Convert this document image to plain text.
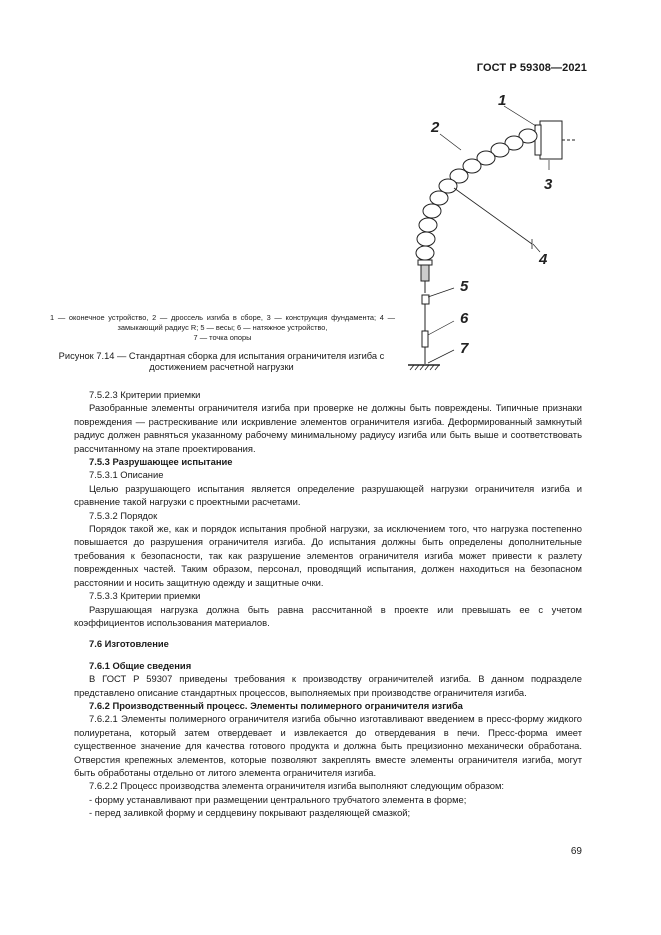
ГОСТ Р 59308—2021
1
2
3
4
5
6
7
1 — оконечное устройство, 2 — дроссель изгиба в сборе, 3 — конструкция фундамента; 4 — замыкающий радиус R; 5 — весы; 6 — натяжное устройство,
7 — точка опоры
Рисунок 7.14 — Стандартная сборка для испытания ограничителя изгиба с достижением расчетной нагрузки

7.5.2.3 Критерии приемки

Разобранные элементы ограничителя изгиба при проверке не должны быть повреждены. Типичные признаки повреждения — растрескивание или искривление элементов ограничителя изгиба. Деформированный замкнутый радиус должен равняться указанному рабочему минимальному радиусу изгиба или быть выше и соответствовать рассчитанному на этапе проектирования.

7.5.3 Разрушающее испытание

7.5.3.1 Описание

Целью разрушающего испытания является определение разрушающей нагрузки ограничителя изгиба и сравнение такой нагрузки с проектными расчетами.

7.5.3.2 Порядок

Порядок такой же, как и порядок испытания пробной нагрузки, за исключением того, что нагрузка постепенно повышается до разрушения ограничителя изгиба. До испытания должны быть определены дополнительные требования к безопасности, так как разрушение элементов ограничителя изгиба может привести к разлету поврежденных частей. Таким образом, персонал, проводящий испытания, должен находиться на безопасном расстоянии и носить защитную одежду и защитные очки.

7.5.3.3 Критерии приемки

Разрушающая нагрузка должна быть равна рассчитанной в проекте или превышать ее с учетом коэффициентов использования материалов.

7.6 Изготовление

7.6.1 Общие сведения

В ГОСТ Р 59307 приведены требования к производству ограничителей изгиба. В данном подразделе представлено описание стандартных процессов, выполняемых при производстве ограничителя изгиба.

7.6.2 Производственный процесс. Элементы полимерного ограничителя изгиба

7.6.2.1 Элементы полимерного ограничителя изгиба обычно изготавливают введением в пресс-форму жидкого полиуретана, который затем отвердевает и извлекается до отвердевания в печи. Пресс-форма имеет существенное значение для качества готового продукта и должна быть прецизионно механически обработана. Отверстия крепежных элементов, которые позволяют закреплять вместе элементы ограничителя изгиба, могут быть обработаны отдельно от литого элемента ограничителя изгиба.

7.6.2.2 Процесс производства элемента ограничителя изгиба выполняют следующим образом:

- форму устанавливают при размещении центрального трубчатого элемента в форме;

- перед заливкой форму и сердцевину покрывают разделяющей смазкой;

69
